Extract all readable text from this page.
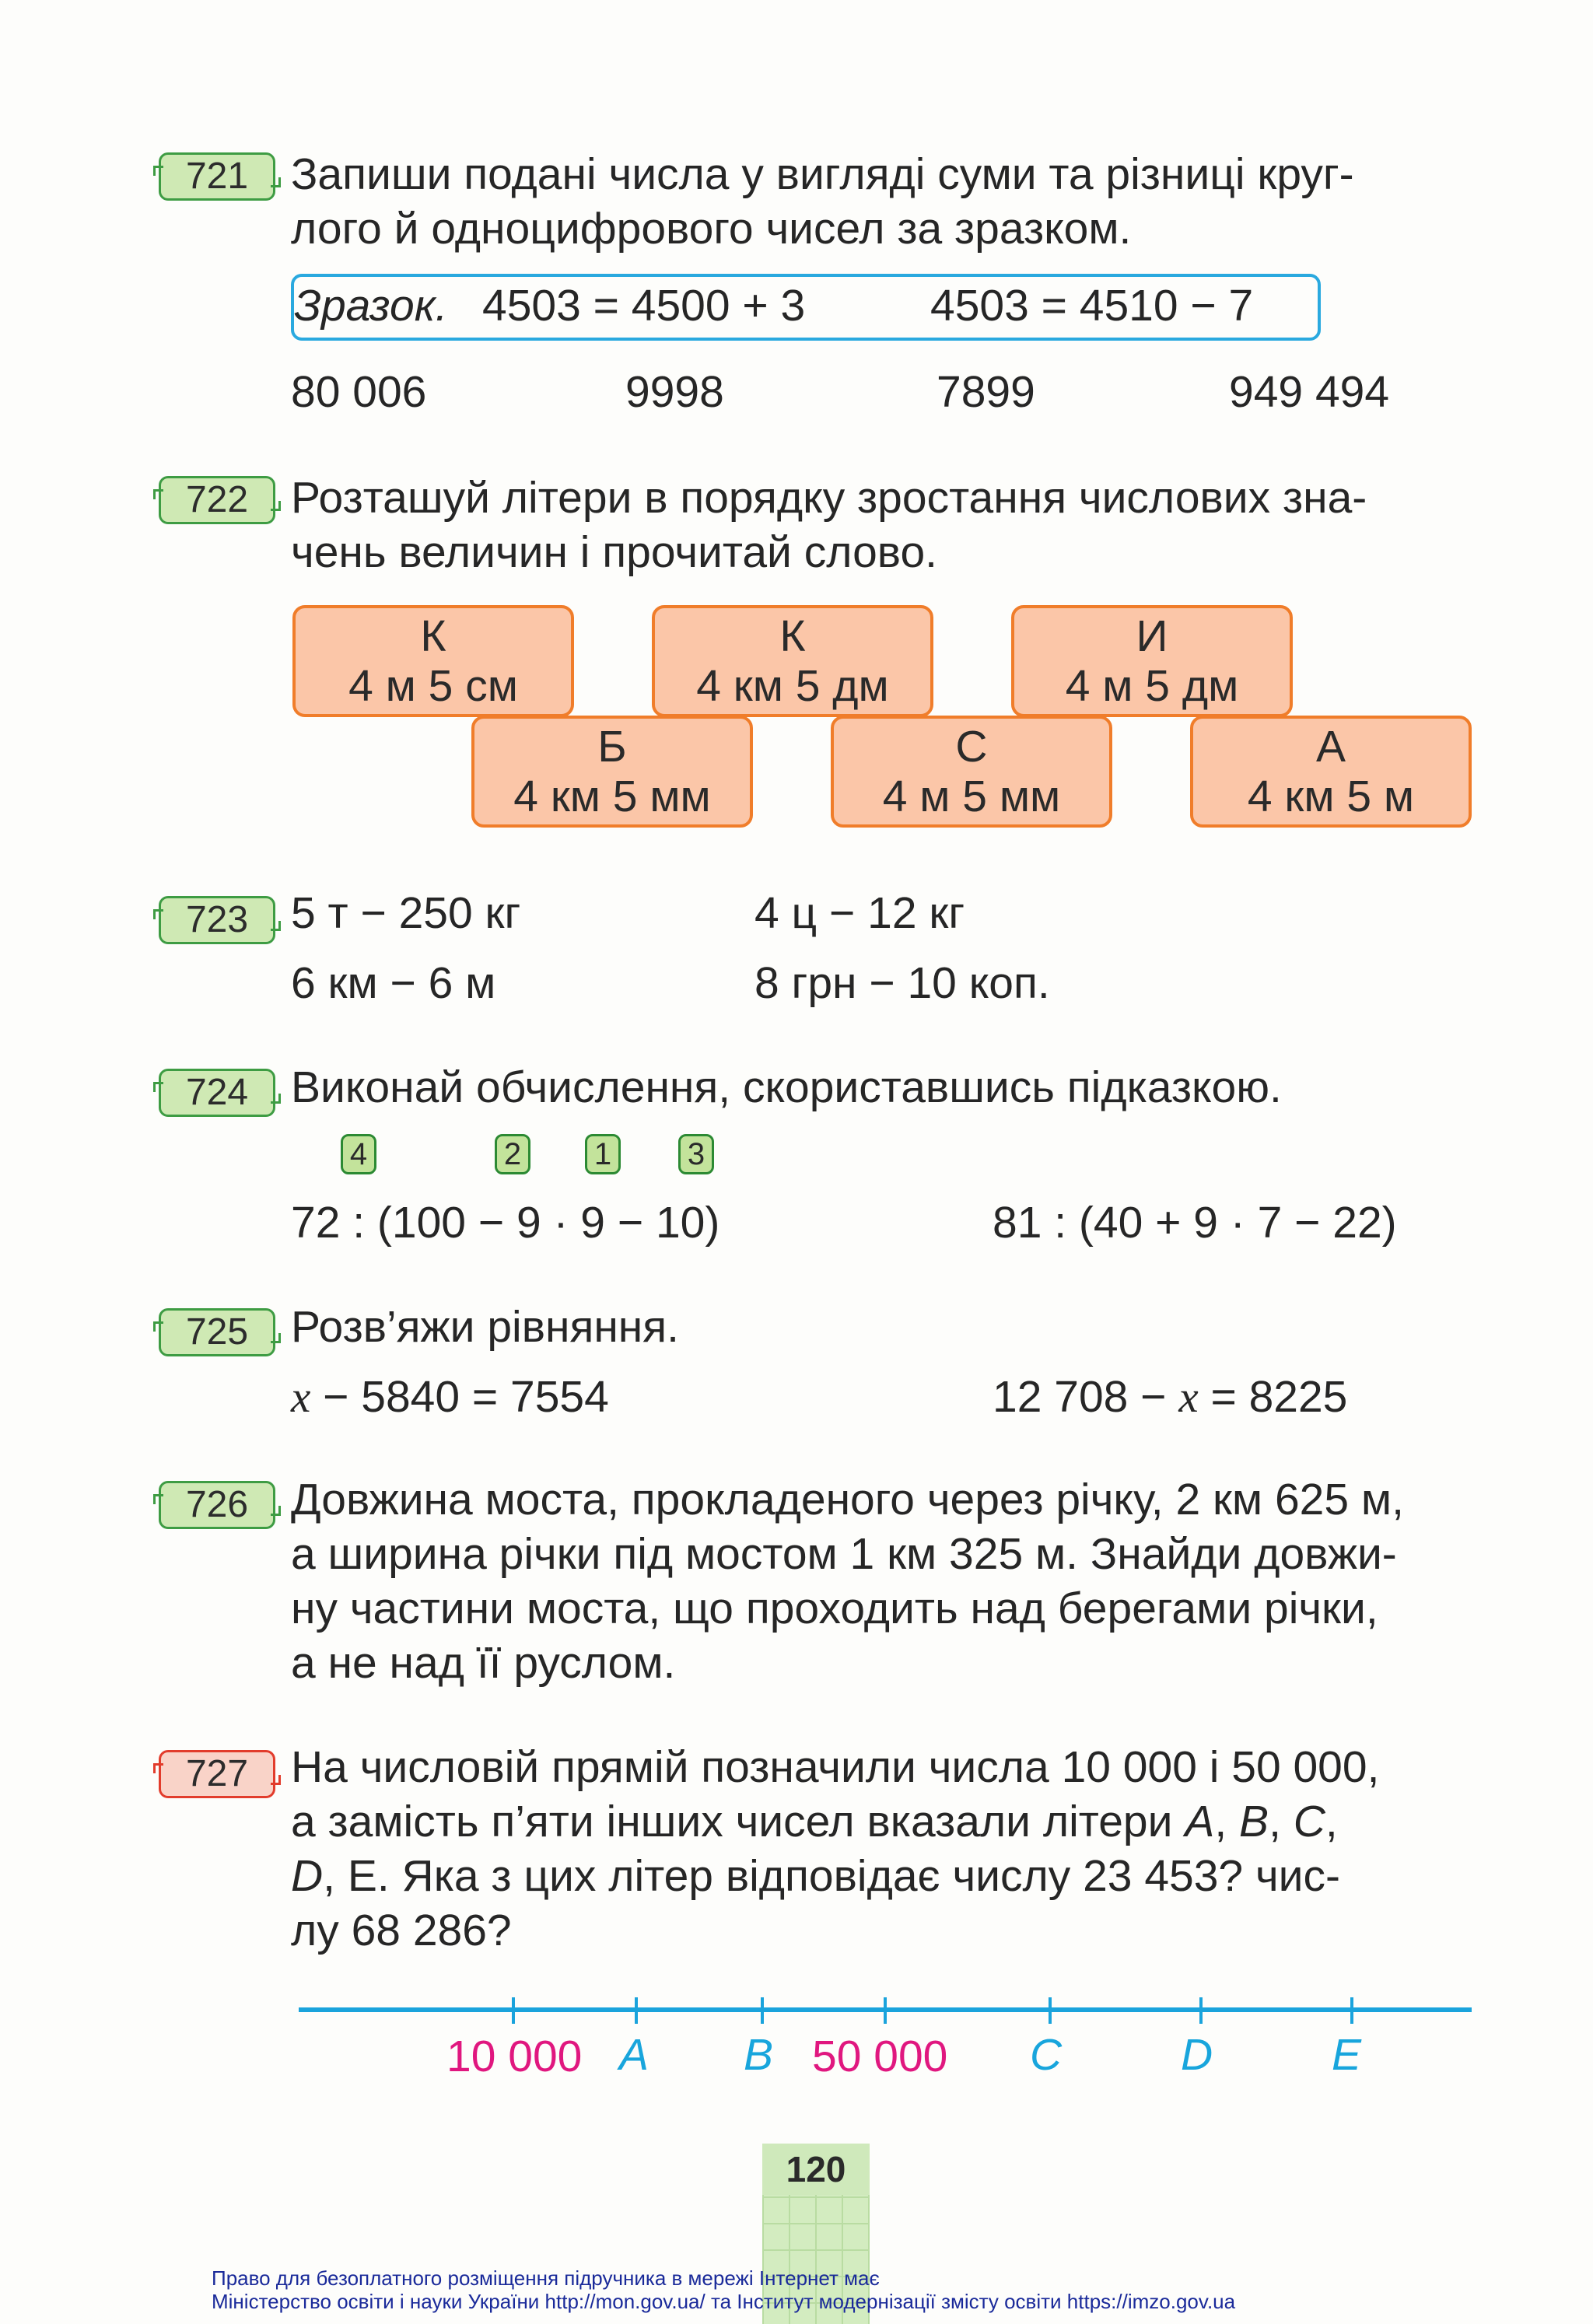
721 Запиши подані числа у вигляді суми та різниці круг-
лого й одноцифрового чисел за зразком.
Зразок. 4503 = 4500 + 3	4503 = 4510 − 7
80 006	9998	7899	949 494
722 Розташуй літери в порядку зростання числових зна-
чень величин і прочитай слово.
К
4 м 5 см
К
4 км 5 дм
И
4 м 5 дм
Б
4 км 5 мм
С
4 м 5 мм
А
4 км 5 м
723 5 т − 250 кг	4 ц − 12 кг
6 км − 6 м	8 грн − 10 коп.
724 Виконай обчислення, скориставшись підказкою.
4	2 1 3
72 : (100 − 9 · 9 − 10)	81 : (40 + 9 · 7 − 22)
725 Розв’яжи рівняння.
x − 5840 = 7554	12 708 − x = 8225
726 Довжина моста, прокладеного через річку, 2 км 625 м,
а ширина річки під мостом 1 км 325 м. Знайди довжи-
ну частини моста, що проходить над берегами річки,
а не над її руслом.
727 На числовій прямій позначили числа 10 000 і 50 000,
а замість п’яти інших чисел вказали літери A, B, C,
D, E. Яка з цих літер відповідає числу 23 453? чис-
лу 68 286?
10 000	50 000
A B	C	D	E
120
Право для безоплатного розміщення підручника в мережі Інтернет має
Міністерство освіти і науки України http://mon.gov.ua/ та Інститут модернізації змісту освіти https://imzo.gov.ua
